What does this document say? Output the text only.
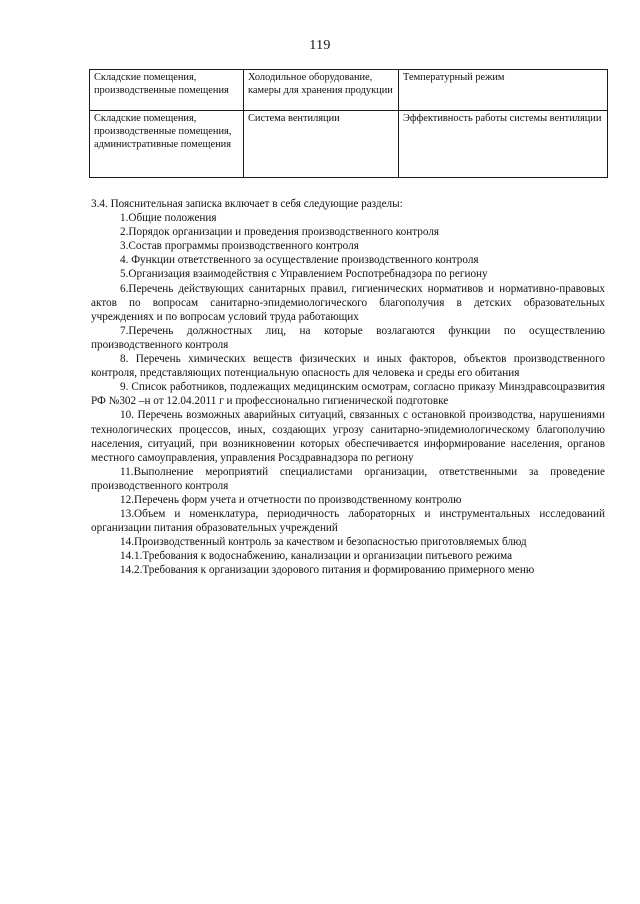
119
Складские помещения, производственные помещения	Холодильное оборудование, камеры для хранения продукции	Температурный режим
Складские помещения, производственные помещения, административные помещения	Система вентиляции	Эффективность работы системы вентиляции

3.4. Пояснительная записка включает в себя следующие разделы:

1.Общие положения

2.Порядок организации и проведения производственного контроля

3.Состав программы производственного контроля

4. Функции ответственного за осуществление производственного контроля

5.Организация взаимодействия с Управлением Роспотребнадзора по региону

6.Перечень действующих санитарных правил, гигиенических нормативов и нормативно-правовых актов по вопросам санитарно-эпидемиологического благополучия в детских образовательных учреждениях и по вопросам условий труда работающих

7.Перечень должностных лиц, на которые возлагаются функции по осуществлению производственного контроля

8. Перечень химических веществ физических и иных факторов, объектов производственного контроля, представляющих потенциальную опасность для человека и среды его обитания

9. Список работников, подлежащих медицинским осмотрам, согласно приказу Минздравсоцразвития РФ №302 –н от 12.04.2011 г и профессионально гигиенической подготовке

10. Перечень возможных аварийных ситуаций, связанных с остановкой производства, нарушениями технологических процессов, иных, создающих угрозу санитарно-эпидемиологическому благополучию населения, ситуаций, при возникновении которых обеспечивается информирование населения, органов местного самоуправления, управления Росздравнадзора по региону

11.Выполнение мероприятий специалистами организации, ответственными за проведение производственного контроля

12.Перечень форм учета и отчетности по производственному контролю

13.Объем и номенклатура, периодичность лабораторных и инструментальных исследований организации питания образовательных учреждений

14.Производственный контроль за качеством и безопасностью приготовляемых блюд

14.1.Требования к водоснабжению, канализации и организации питьевого режима

14.2.Требования к организации здорового питания и формированию примерного меню
